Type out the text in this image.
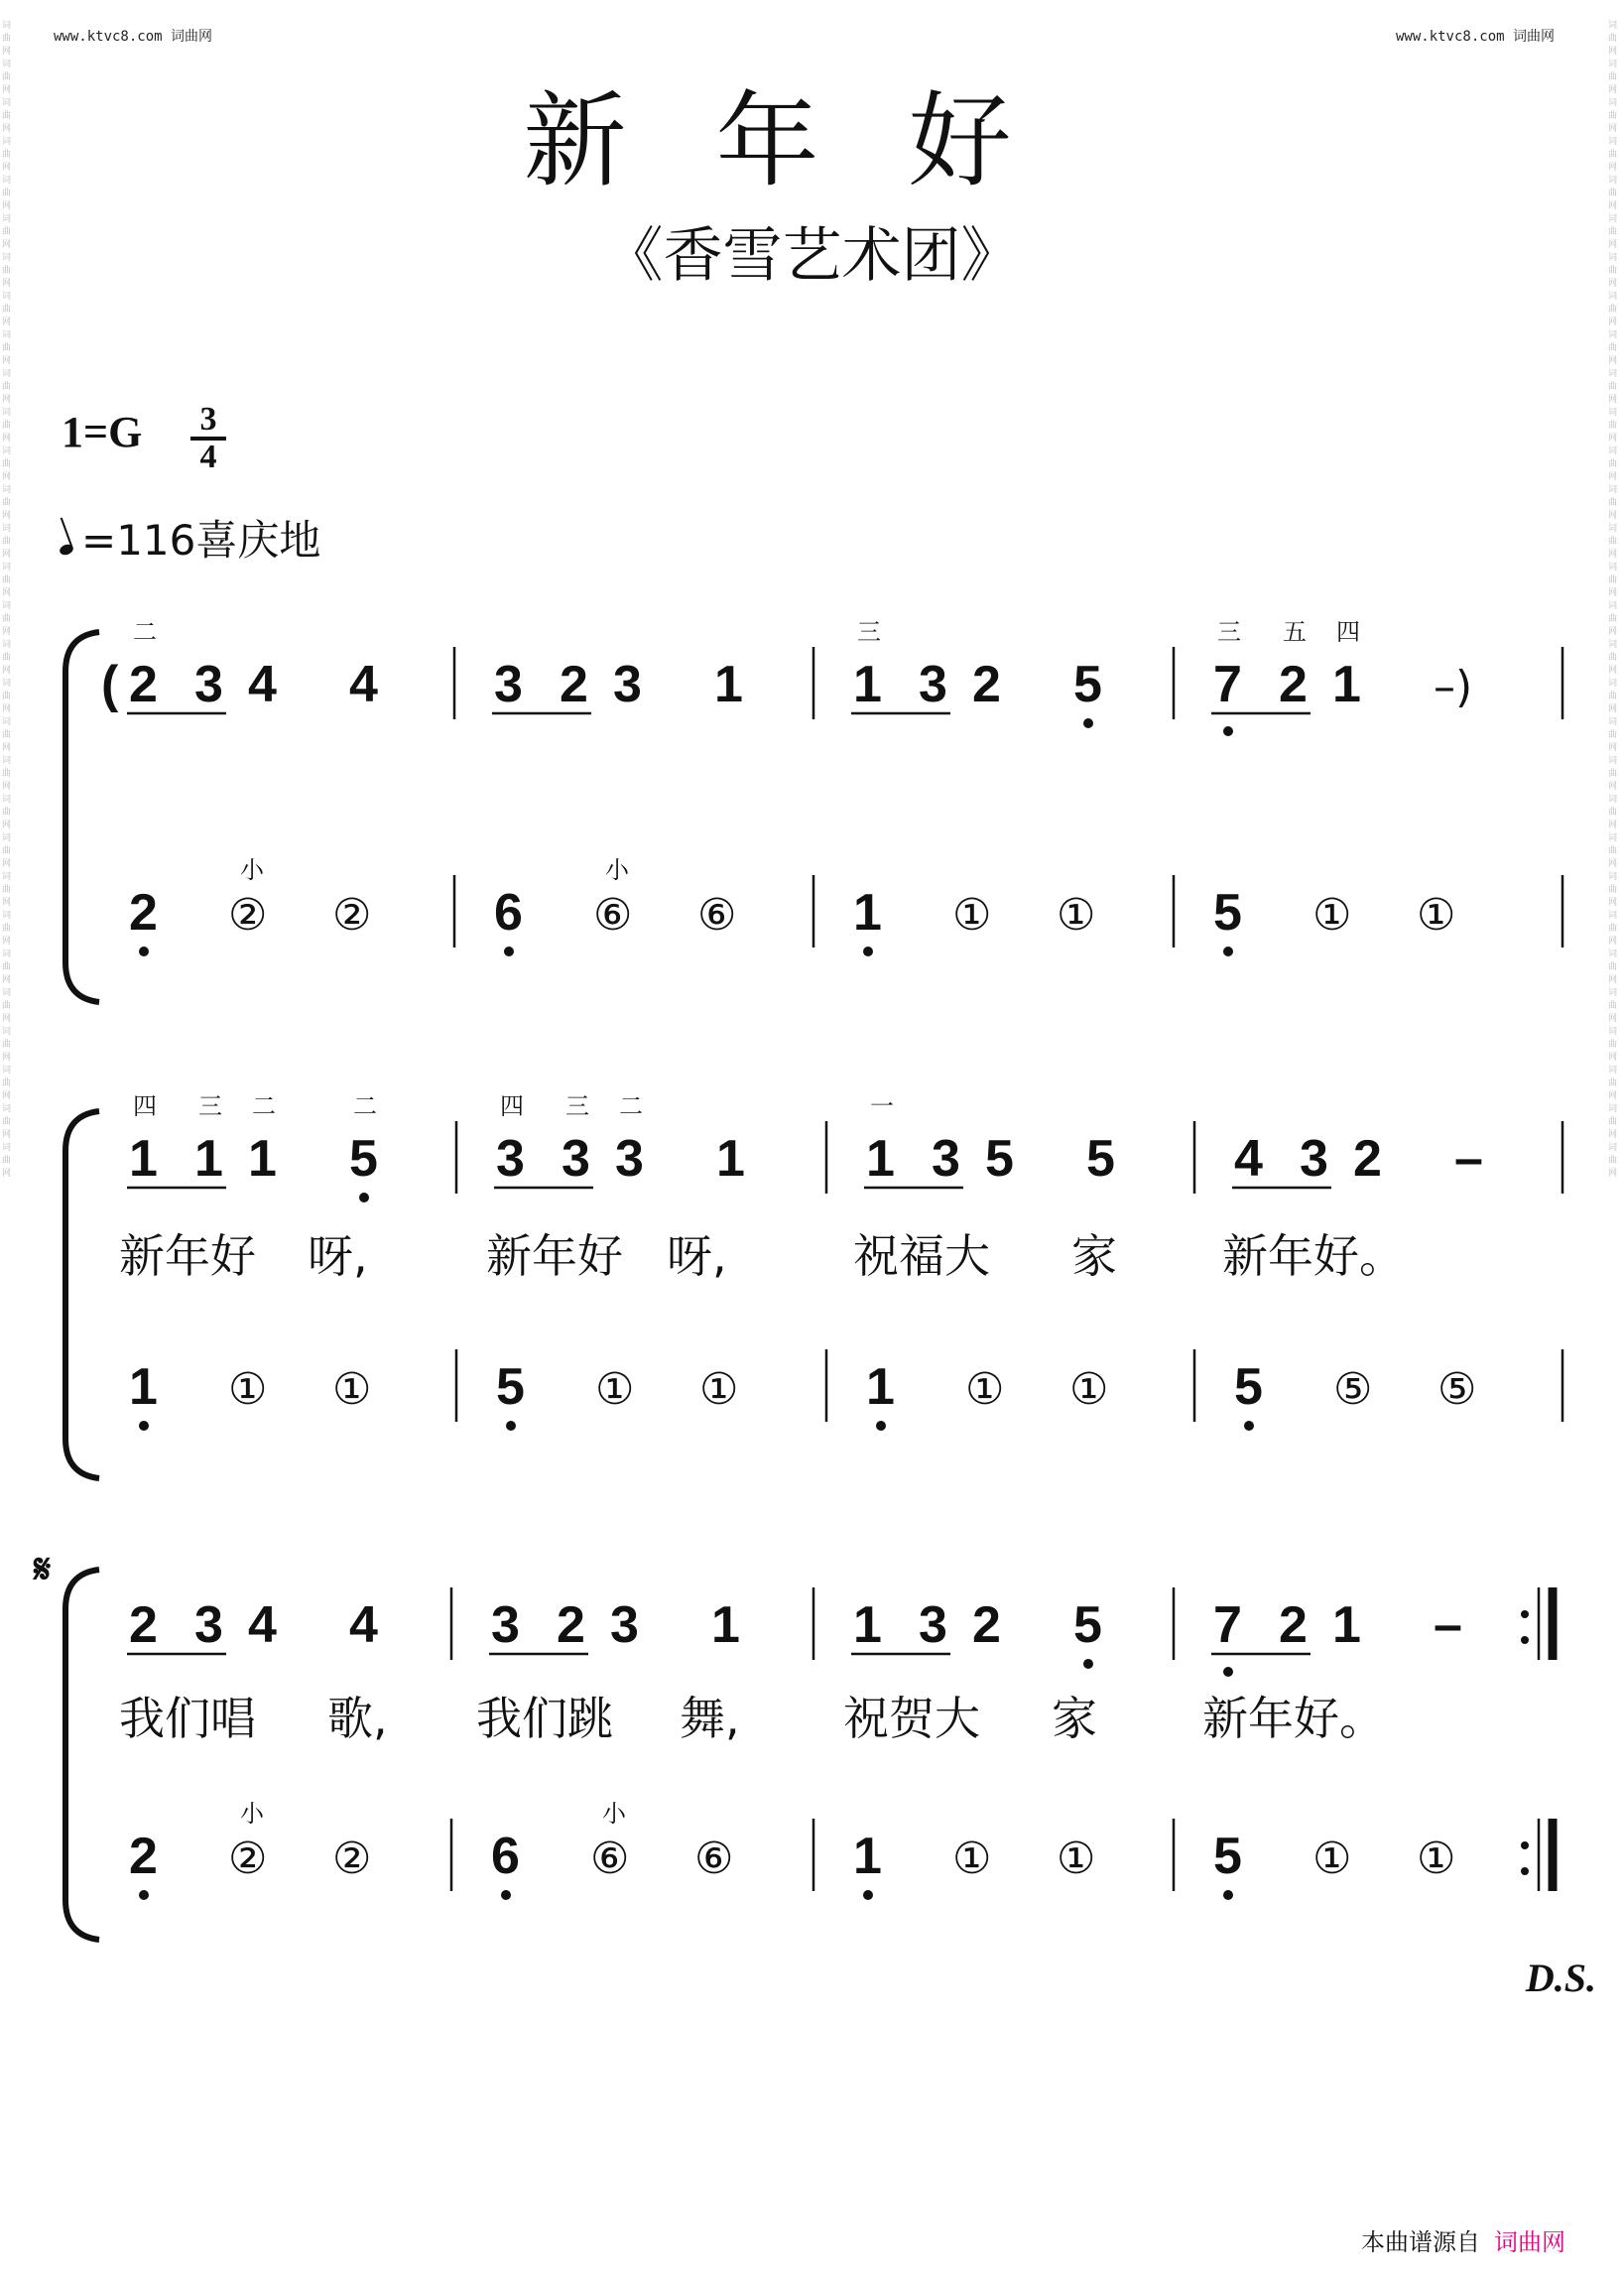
www.ktvc8.com 词曲网	www.ktvc8.com 词曲网
词曲网词曲网词曲网词曲网词曲网词曲网词曲网词曲网词曲网词曲网词曲网词曲网词曲网词曲网词曲网词曲网词曲网词曲网词曲网词曲网词曲网词曲网词曲网词曲网词曲网词曲网词曲网词曲网词曲网词曲网
词曲网词曲网词曲网词曲网词曲网词曲网词曲网词曲网词曲网词曲网词曲网词曲网词曲网词曲网词曲网词曲网词曲网词曲网词曲网词曲网词曲网词曲网词曲网词曲网词曲网词曲网词曲网词曲网词曲网词曲网
新年好
《香雪艺术团》
1=G 3
4
=116喜庆地
( 2
二
3 4 4 3 2 3 1 1
三
3 2 5 7
三
2
五
1
四
–)
2 ②
小
② 6 ⑥
小
⑥ 1 ① ① 5 ① ①
1
四
1
三
1
二
5
二
3
四
3
三
3
二
1 1
一
3 5 5 4 3 2 –
新年好 呀,	新年好 呀,	祝福大 家 新年好。
1 ① ① 5 ① ① 1 ① ① 5 ⑤ ⑤
2 3 4 4 3 2 3 1 1 3 2 5 7 2 1 –
我们唱 歌, 我们跳 舞, 祝贺大 家 新年好。
2 ②
小
② 6 ⑥
小
⑥ 1 ① ① 5 ① ①
𝄋
D.S.
本曲谱源自 词曲网
